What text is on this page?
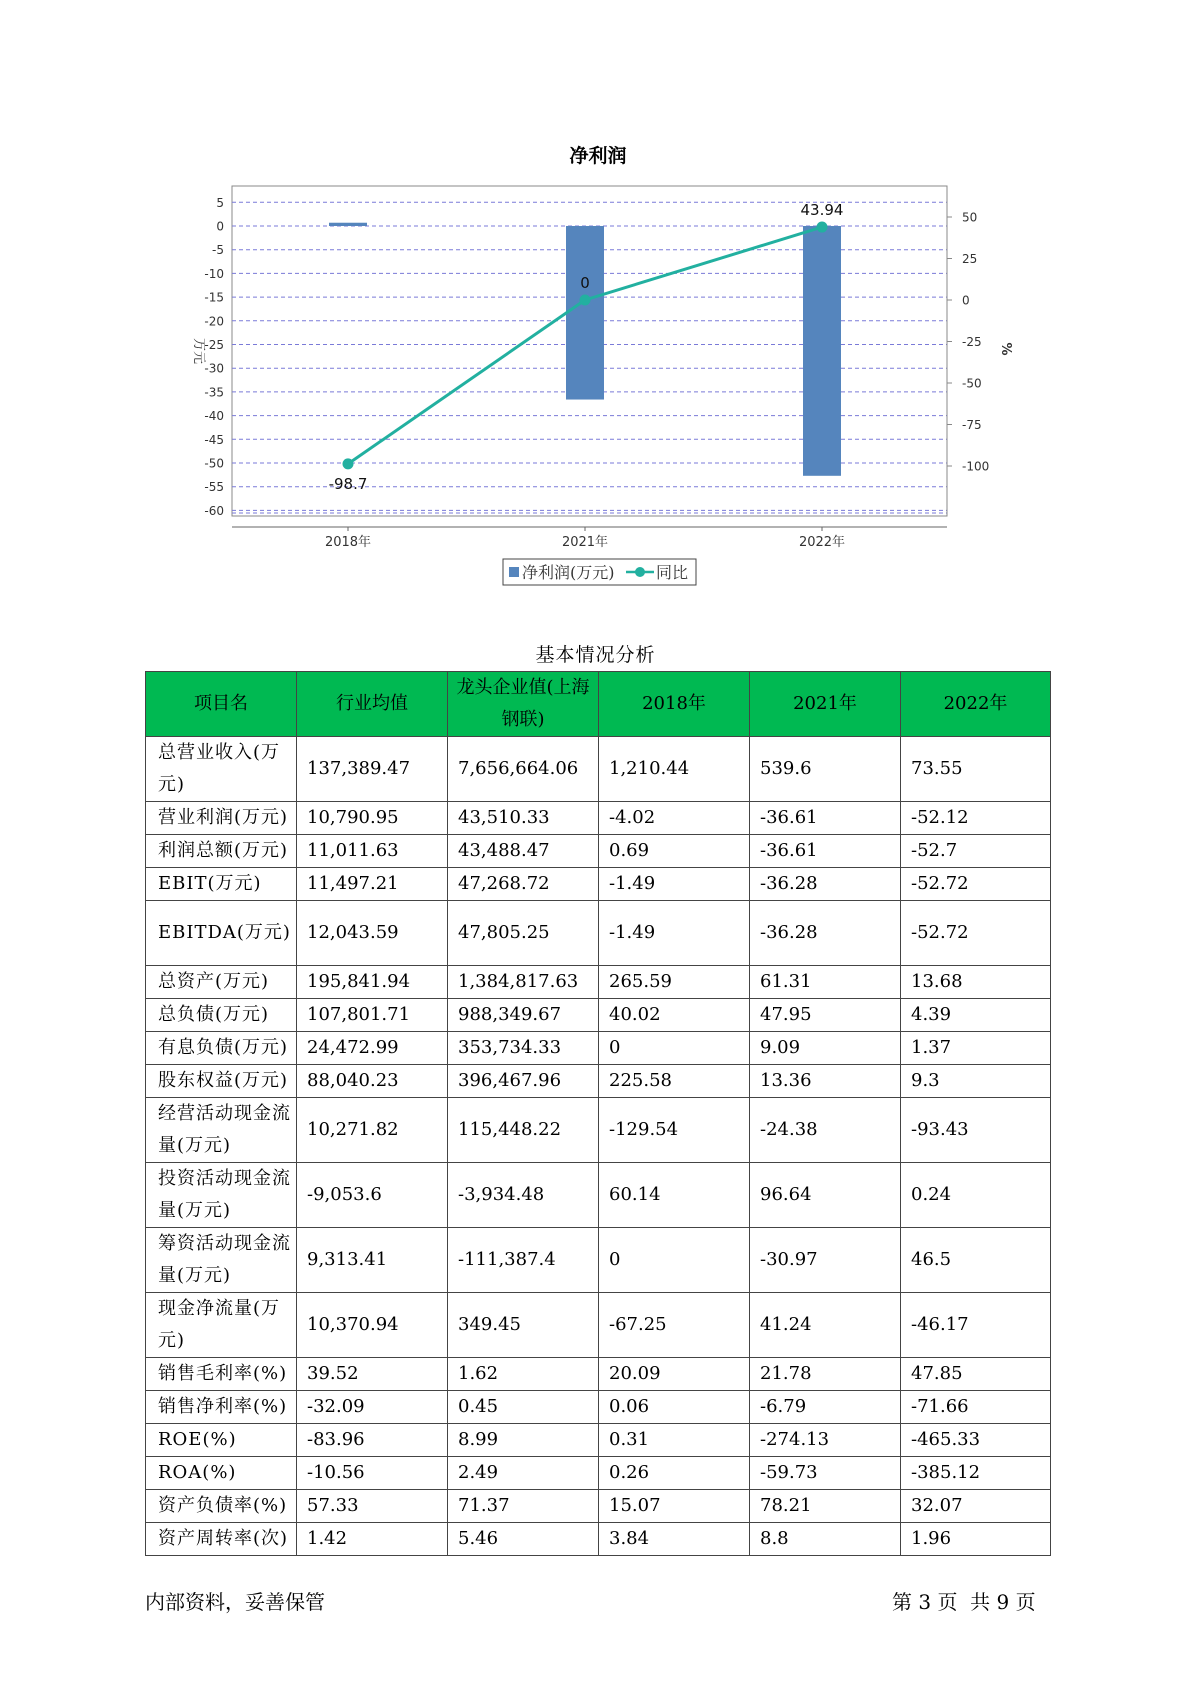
净利润
5
0
-5
-10
-15
-20
-25
-30
-35
-40
-45
-50
-55
-60
50
25
0
-25
-50
-75
-100
-98.7
0
43.94
2018年	2021年	2022年
万元	%
净利润(万元)	同比
基本情况分析
项目名	行业均值	龙头企业值(上海钢联)	2018年	2021年	2022年
总营业收入(万元)	137,389.47	7,656,664.06	1,210.44	539.6	73.55
营业利润(万元)	10,790.95	43,510.33	-4.02	-36.61	-52.12
利润总额(万元)	11,011.63	43,488.47	0.69	-36.61	-52.7
EBIT(万元)	11,497.21	47,268.72	-1.49	-36.28	-52.72
EBITDA(万元)	12,043.59	47,805.25	-1.49	-36.28	-52.72
总资产(万元)	195,841.94	1,384,817.63	265.59	61.31	13.68
总负债(万元)	107,801.71	988,349.67	40.02	47.95	4.39
有息负债(万元)	24,472.99	353,734.33	0	9.09	1.37
股东权益(万元)	88,040.23	396,467.96	225.58	13.36	9.3
经营活动现金流量(万元)	10,271.82	115,448.22	-129.54	-24.38	-93.43
投资活动现金流量(万元)	-9,053.6	-3,934.48	60.14	96.64	0.24
筹资活动现金流量(万元)	9,313.41	-111,387.4	0	-30.97	46.5
现金净流量(万元)	10,370.94	349.45	-67.25	41.24	-46.17
销售毛利率(%)	39.52	1.62	20.09	21.78	47.85
销售净利率(%)	-32.09	0.45	0.06	-6.79	-71.66
ROE(%)	-83.96	8.99	0.31	-274.13	-465.33
ROA(%)	-10.56	2.49	0.26	-59.73	-385.12
资产负债率(%)	57.33	71.37	15.07	78.21	32.07
资产周转率(次)	1.42	5.46	3.84	8.8	1.96
内部资料，妥善保管	第 3 页  共 9 页
